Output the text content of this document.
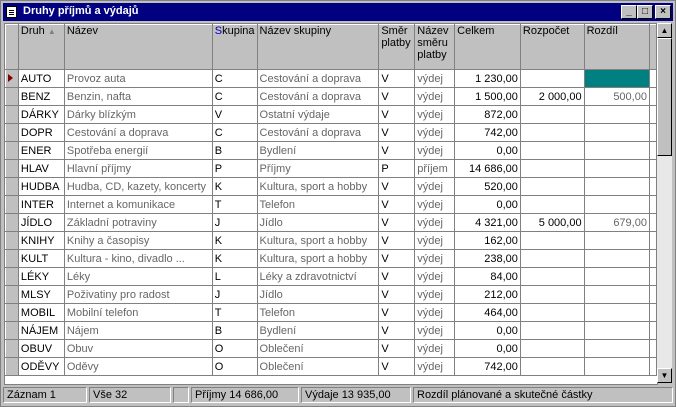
Druhy příjmů a výdajů	_	□	×
	Druh ▲	Název	Skupina	Název skupiny	Směr platby	Název směru platby	Celkem	Rozpočet	Rozdíl	
	AUTO	Provoz auta	C	Cestování a doprava	V	výdej	1 230,00			
	BENZ	Benzin, nafta	C	Cestování a doprava	V	výdej	1 500,00	2 000,00	500,00	
	DÁRKY	Dárky blízkým	V	Ostatní výdaje	V	výdej	872,00			
	DOPR	Cestování a doprava	C	Cestování a doprava	V	výdej	742,00			
	ENER	Spotřeba energií	B	Bydlení	V	výdej	0,00			
	HLAV	Hlavní příjmy	P	Příjmy	P	příjem	14 686,00			
	HUDBA	Hudba, CD, kazety, koncerty	K	Kultura, sport a hobby	V	výdej	520,00			
	INTER	Internet a komunikace	T	Telefon	V	výdej	0,00			
	JÍDLO	Základní potraviny	J	Jídlo	V	výdej	4 321,00	5 000,00	679,00	
	KNIHY	Knihy a časopisy	K	Kultura, sport a hobby	V	výdej	162,00			
	KULT	Kultura - kino, divadlo ...	K	Kultura, sport a hobby	V	výdej	238,00			
	LÉKY	Léky	L	Léky a zdravotnictví	V	výdej	84,00			
	MLSY	Poživatiny pro radost	J	Jídlo	V	výdej	212,00			
	MOBIL	Mobilní telefon	T	Telefon	V	výdej	464,00			
	NÁJEM	Nájem	B	Bydlení	V	výdej	0,00			
	OBUV	Obuv	O	Oblečení	V	výdej	0,00			
	ODĚVY	Oděvy	O	Oblečení	V	výdej	742,00			
▲
▼
Záznam 1	Vše 32	Příjmy 14 686,00	Výdaje 13 935,00	Rozdíl plánované a skutečné částky
